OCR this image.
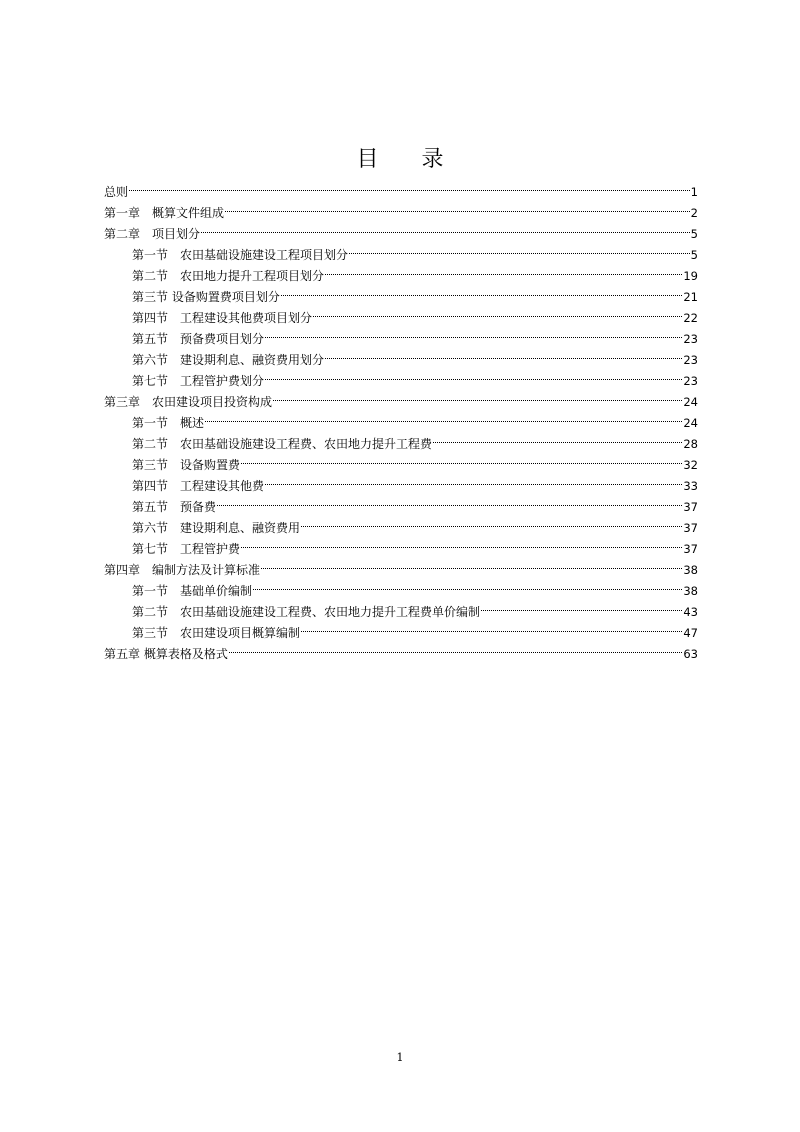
目 录
总则	1
第一章　概算文件组成	2
第二章　项目划分	5
第一节　农田基础设施建设工程项目划分	5
第二节　农田地力提升工程项目划分	19
第三节 设备购置费项目划分	21
第四节　工程建设其他费项目划分	22
第五节　预备费项目划分	23
第六节　建设期利息、融资费用划分	23
第七节　工程管护费划分	23
第三章　农田建设项目投资构成	24
第一节　概述	24
第二节　农田基础设施建设工程费、农田地力提升工程费	28
第三节　设备购置费	32
第四节　工程建设其他费	33
第五节　预备费	37
第六节　建设期利息、融资费用	37
第七节　工程管护费	37
第四章　编制方法及计算标准	38
第一节　基础单价编制	38
第二节　农田基础设施建设工程费、农田地力提升工程费单价编制	43
第三节　农田建设项目概算编制	47
第五章 概算表格及格式	63
1
